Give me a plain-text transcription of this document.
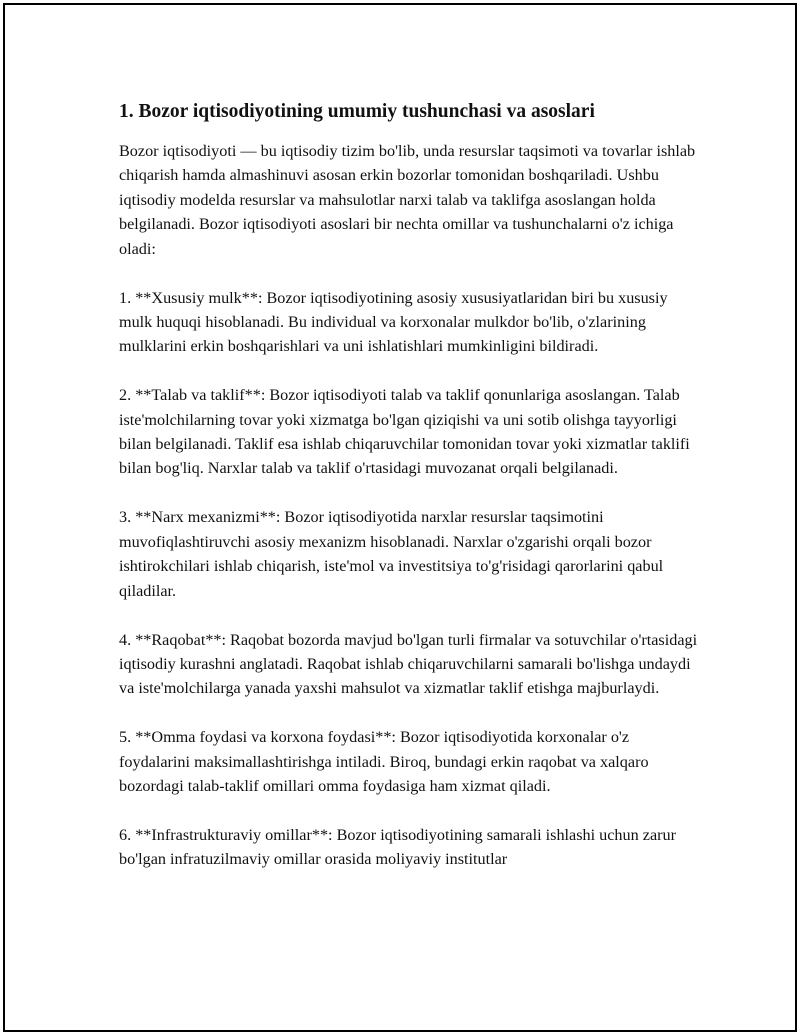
1. Bozor iqtisodiyotining umumiy tushunchasi va asoslari

Bozor iqtisodiyoti — bu iqtisodiy tizim bo'lib, unda resurslar taqsimoti va tovarlar ishlab chiqarish hamda almashinuvi asosan erkin bozorlar tomonidan boshqariladi. Ushbu iqtisodiy modelda resurslar va mahsulotlar narxi talab va taklifga asoslangan holda belgilanadi. Bozor iqtisodiyoti asoslari bir nechta omillar va tushunchalarni o'z ichiga oladi:

1. **Xususiy mulk**: Bozor iqtisodiyotining asosiy xususiyatlaridan biri bu xususiy mulk huquqi hisoblanadi. Bu individual va korxonalar mulkdor bo'lib, o'zlarining mulklarini erkin boshqarishlari va uni ishlatishlari mumkinligini bildiradi.

2. **Talab va taklif**: Bozor iqtisodiyoti talab va taklif qonunlariga asoslangan. Talab iste'molchilarning tovar yoki xizmatga bo'lgan qiziqishi va uni sotib olishga tayyorligi bilan belgilanadi. Taklif esa ishlab chiqaruvchilar tomonidan tovar yoki xizmatlar taklifi bilan bog'liq. Narxlar talab va taklif o'rtasidagi muvozanat orqali belgilanadi.

3. **Narx mexanizmi**: Bozor iqtisodiyotida narxlar resurslar taqsimotini muvofiqlashtiruvchi asosiy mexanizm hisoblanadi. Narxlar o'zgarishi orqali bozor ishtirokchilari ishlab chiqarish, iste'mol va investitsiya to'g'risidagi qarorlarini qabul qiladilar.

4. **Raqobat**: Raqobat bozorda mavjud bo'lgan turli firmalar va sotuvchilar o'rtasidagi iqtisodiy kurashni anglatadi. Raqobat ishlab chiqaruvchilarni samarali bo'lishga undaydi va iste'molchilarga yanada yaxshi mahsulot va xizmatlar taklif etishga majburlaydi.

5. **Omma foydasi va korxona foydasi**: Bozor iqtisodiyotida korxonalar o'z foydalarini maksimallashtirishga intiladi. Biroq, bundagi erkin raqobat va xalqaro bozordagi talab-taklif omillari omma foydasiga ham xizmat qiladi.

6. **Infrastrukturaviy omillar**: Bozor iqtisodiyotining samarali ishlashi uchun zarur bo'lgan infratuzilmaviy omillar orasida moliyaviy institutlar
